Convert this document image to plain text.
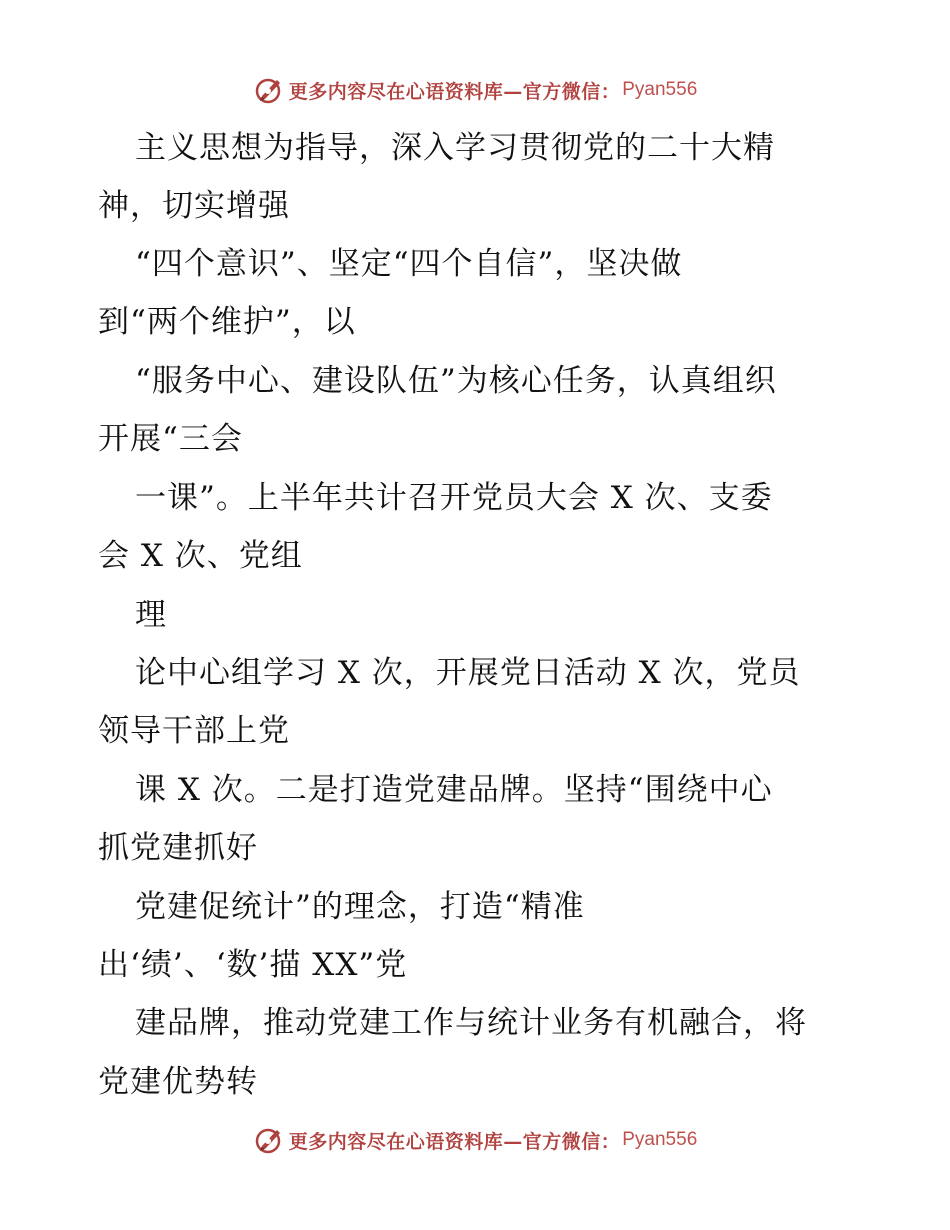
更多内容尽在心语资料库—官方微信： Pyan556
主义思想为指导，深入学习贯彻党的二十大精
神，切实增强
“四个意识”、坚定“四个自信”，坚决做
到“两个维护”，以
“服务中心、建设队伍”为核心任务，认真组织
开展“三会
一课”。上半年共计召开党员大会 X 次、支委
会 X 次、党组
理
论中心组学习 X 次，开展党日活动 X 次，党员
领导干部上党
课 X 次。二是打造党建品牌。坚持“围绕中心
抓党建抓好
党建促统计”的理念，打造“精准
出‘绩’、‘数’描 XX”党
建品牌，推动党建工作与统计业务有机融合，将
党建优势转
更多内容尽在心语资料库—官方微信： Pyan556
